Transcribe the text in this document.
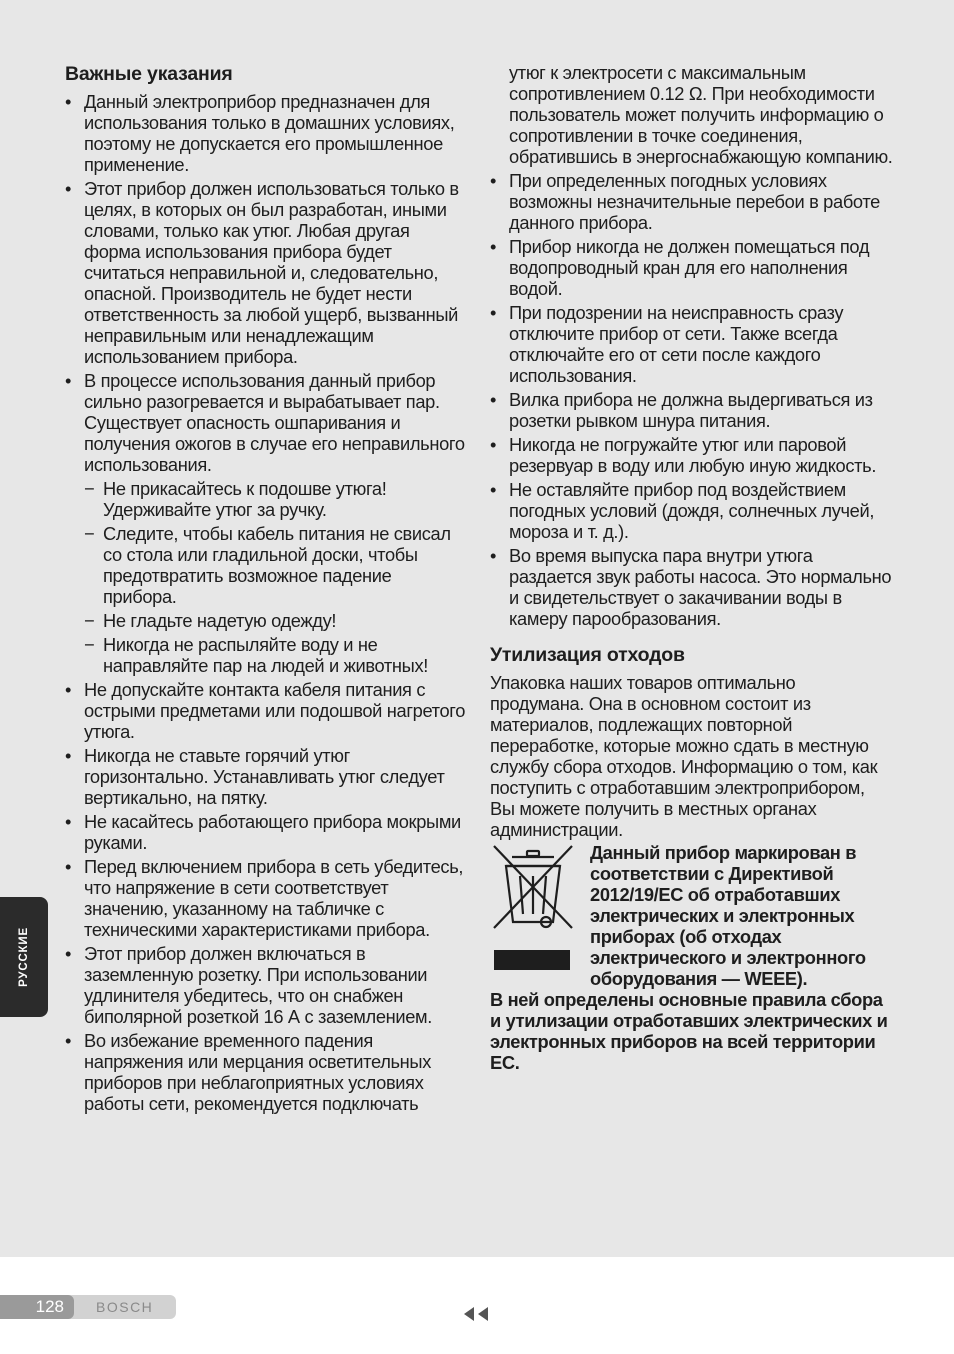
Важные указания
• Данный электроприбор предназначен для использования только в домашних условиях, поэтому не допускается его промышленное применение.
• Этот прибор должен использоваться только в целях, в которых он был разработан, иными словами, только как утюг. Любая другая форма использования прибора будет считаться неправильной и, следовательно, опасной. Производитель не будет нести ответственность за любой ущерб, вызванный неправильным или ненадлежащим использованием прибора.
• В процессе использования данный прибор сильно разогревается и вырабатывает пар. Существует опасность ошпаривания и получения ожогов в случае его неправильного использования.
− Не прикасайтесь к подошве утюга! Удерживайте утюг за ручку.
− Следите, чтобы кабель питания не свисал со стола или гладильной доски, чтобы предотвратить возможное падение прибора.
− Не гладьте надетую одежду!
− Никогда не распыляйте воду и не направляйте пар на людей и животных!
• Не допускайте контакта кабеля питания с острыми предметами или подошвой нагретого утюга.
• Никогда не ставьте горячий утюг горизонтально. Устанавливать утюг следует вертикально, на пятку.
• Не касайтесь работающего прибора мокрыми руками.
• Перед включением прибора в сеть убедитесь, что напряжение в сети соответствует значению, указанному на табличке с техническими характеристиками прибора.
• Этот прибор должен включаться в заземленную розетку. При использовании удлинителя убедитесь, что он снабжен биполярной розеткой 16 А с заземлением.
• Во избежание временного падения напряжения или мерцания осветительных приборов при неблагоприятных условиях работы сети, рекомендуется подключать

утюг к электросети с максимальным сопротивлением 0.12 Ω. При необходимости пользователь может получить информацию о сопротивлении в точке соединения, обратившись в энергоснабжающую компанию.

• При определенных погодных условиях возможны незначительные перебои в работе данного прибора.
• Прибор никогда не должен помещаться под водопроводный кран для его наполнения водой.
• При подозрении на неисправность сразу отключите прибор от сети. Также всегда отключайте его от сети после каждого использования.
• Вилка прибора не должна выдергиваться из розетки рывком шнура питания.
• Никогда не погружайте утюг или паровой резервуар в воду или любую иную жидкость.
• Не оставляйте прибор под воздействием погодных условий (дождя, солнечных лучей, мороза и т. д.).
• Во время выпуска пара внутри утюга раздается звук работы насоса. Это нормально и свидетельствует о закачивании воды в камеру парообразования.
Утилизация отходов

Упаковка наших товаров оптимально продумана. Она в основном состоит из материалов, подлежащих повторной переработке, которые можно сдать в местную службу сбора отходов. Информацию о том, как поступить с отработавшим электроприбором, Вы можете получить в местных органах администрации.

Данный прибор маркирован в соответствии с Директивой 2012/19/ЕС об отработавших электрических и электронных приборах (об отходах электрического и электронного оборудования — WEEE).

В ней определены основные правила сбора и утилизации отработавших электрических и электронных приборов на всей территории ЕС.

РУССКИЕ
128	BOSCH
